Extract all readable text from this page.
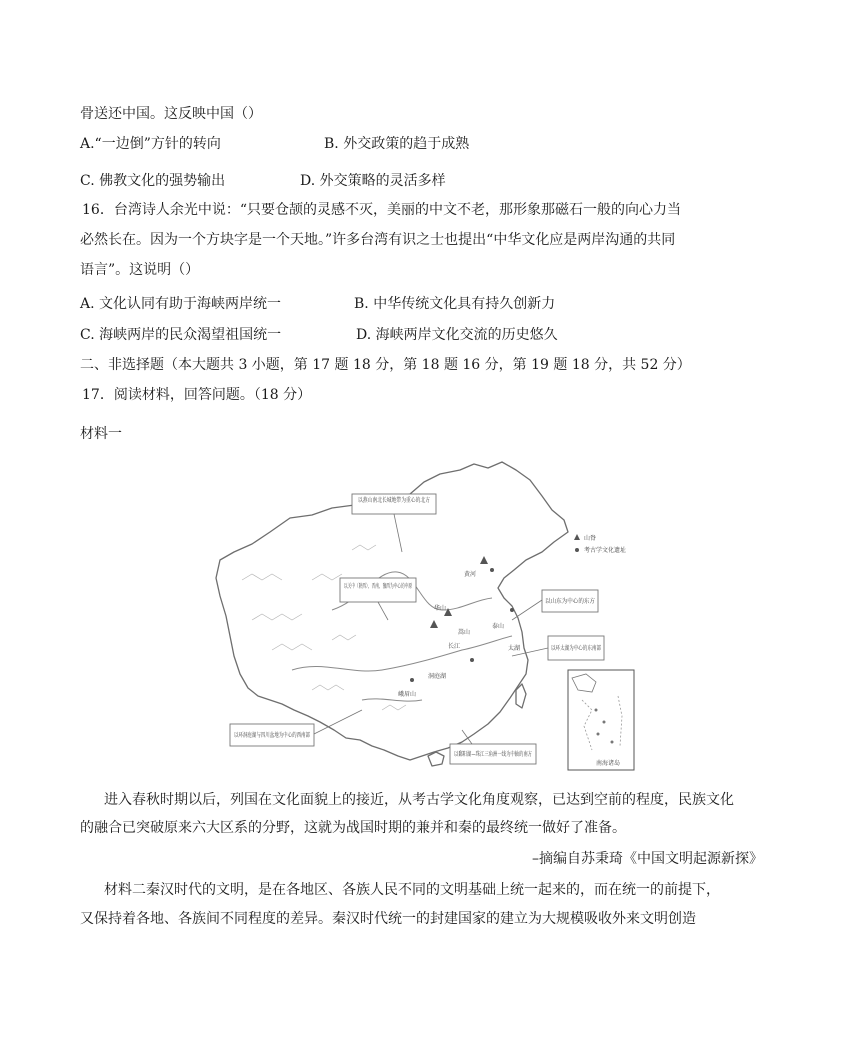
骨送还中国。这反映中国（）
A.“一边倒”方针的转向	B. 外交政策的趋于成熟
C. 佛教文化的强势输出	D. 外交策略的灵活多样
16．台湾诗人余光中说：“只要仓颉的灵感不灭，美丽的中文不老，那形象那磁石一般的向心力当
必然长在。因为一个方块字是一个天地。”许多台湾有识之士也提出“中华文化应是两岸沟通的共同
语言”。这说明（）
A. 文化认同有助于海峡两岸统一	B. 中华传统文化具有持久创新力
C. 海峡两岸的民众渴望祖国统一	D. 海峡两岸文化交流的历史悠久
二、非选择题（本大题共 3 小题，第 17 题 18 分，第 18 题 16 分，第 19 题 18 分，共 52 分）
17．阅读材料，回答问题。（18 分）
材料一
以燕山南北长城地带为重心的北方
以关中（陕西）、晋南、豫西为中心的中原
以山东为中心的东方
以环太湖为中心的东南部
以环洞庭湖与四川盆地为中心的西南部
以鄱阳湖—珠江三角洲一线为中轴的南方
黄河
长江
泰山
太湖
洞庭湖
峨眉山
嵩山
华山
山脊
考古学文化遗址
南海诸岛
进入春秋时期以后，列国在文化面貌上的接近，从考古学文化角度观察，已达到空前的程度，民族文化
的融合已突破原来六大区系的分野，这就为战国时期的兼并和秦的最终统一做好了准备。
–摘编自苏秉琦《中国文明起源新探》
材料二秦汉时代的文明，是在各地区、各族人民不同的文明基础上统一起来的，而在统一的前提下，
又保持着各地、各族间不同程度的差异。秦汉时代统一的封建国家的建立为大规模吸收外来文明创造
